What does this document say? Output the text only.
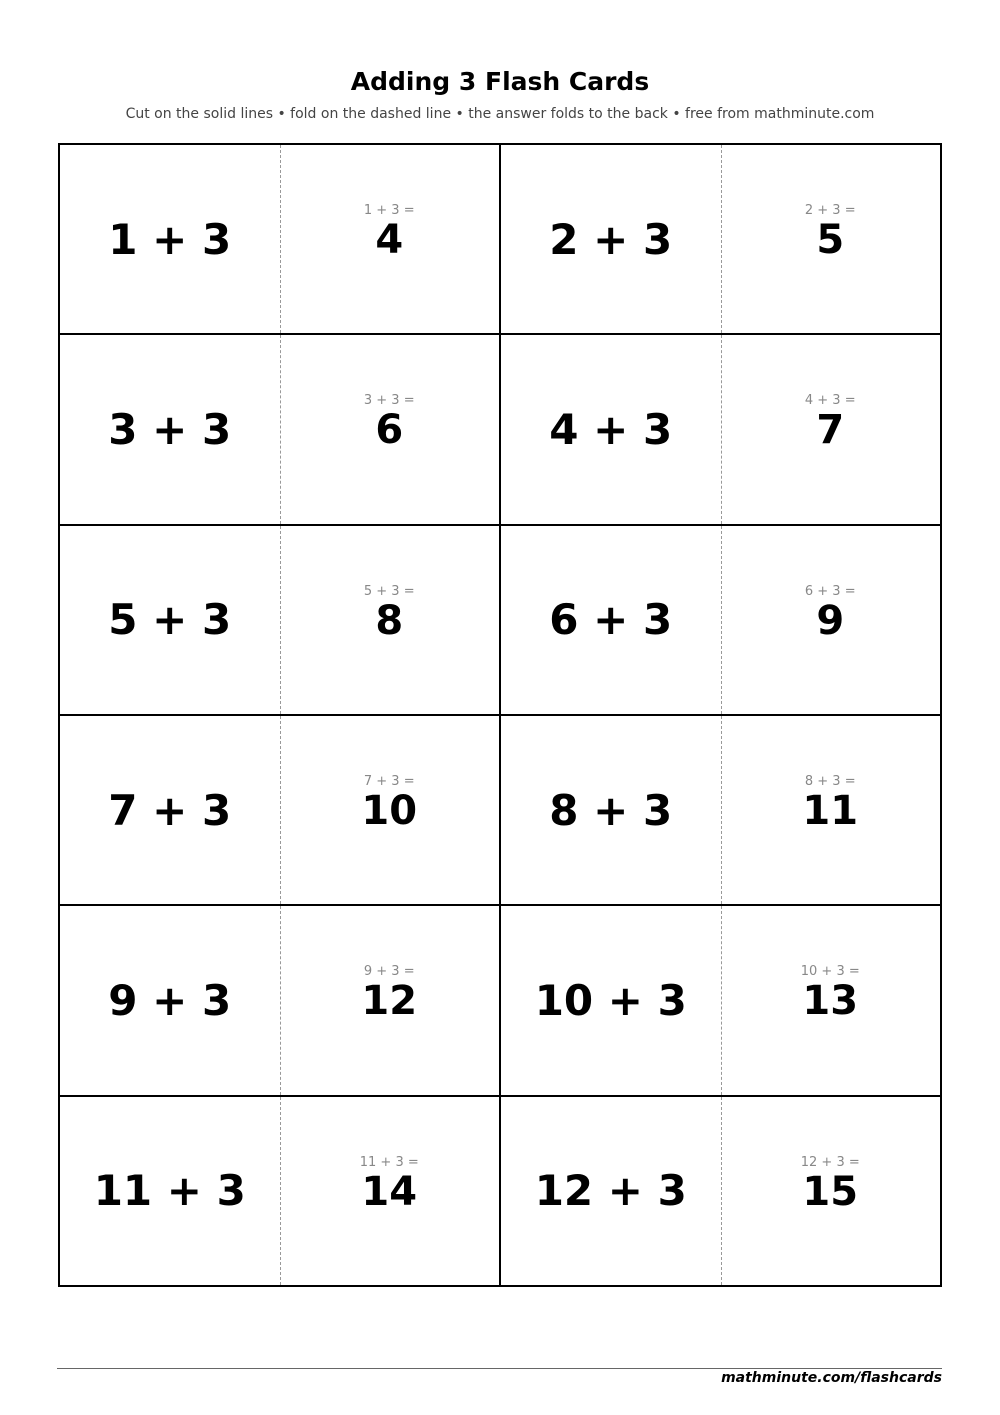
Adding 3 Flash Cards
Cut on the solid lines • fold on the dashed line • the answer folds to the back • free from mathminute.com
1 + 3
1 + 3 =
4	2 + 3
2 + 3 =
5
3 + 3
3 + 3 =
6	4 + 3
4 + 3 =
7
5 + 3
5 + 3 =
8	6 + 3
6 + 3 =
9
7 + 3
7 + 3 =
10	8 + 3
8 + 3 =
11
9 + 3
9 + 3 =
12	10 + 3
10 + 3 =
13
11 + 3
11 + 3 =
14	12 + 3
12 + 3 =
15
mathminute.com/flashcards
